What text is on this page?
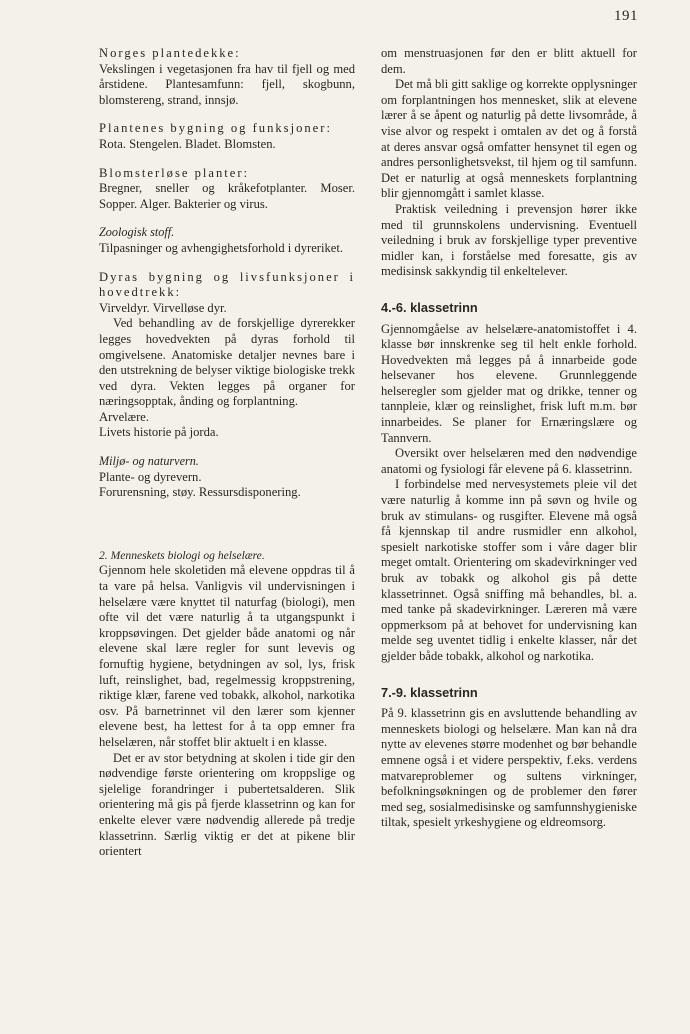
191

Norges plantedekke:

Vekslingen i vegetasjonen fra hav til fjell og med årstidene. Plantesamfunn: fjell, skogbunn, blomstereng, strand, innsjø.

Plantenes bygning og funksjoner:

Rota. Stengelen. Bladet. Blomsten.

Blomsterløse planter:

Bregner, sneller og kråkefotplanter. Moser. Sopper. Alger. Bakterier og virus.

Zoologisk stoff.

Tilpasninger og avhengighetsforhold i dyreriket.

Dyras bygning og livsfunksjoner i hovedtrekk:

Virveldyr. Virvelløse dyr.

Ved behandling av de forskjellige dyrerekker legges hovedvekten på dyras forhold til omgivelsene. Anatomiske detaljer nevnes bare i den utstrekning de belyser viktige biologiske trekk ved dyra. Vekten legges på organer for næringsopptak, ånding og forplantning.

Arvelære.

Livets historie på jorda.

Miljø- og naturvern.

Plante- og dyrevern.

Forurensning, støy. Ressursdisponering.

2. Menneskets biologi og helselære.

Gjennom hele skoletiden må elevene oppdras til å ta vare på helsa. Vanligvis vil undervisningen i helselære være knyttet til naturfag (biologi), men ofte vil det være naturlig å ta utgangspunkt i kroppsøvingen. Det gjelder både anatomi og når elevene skal lære regler for sunt levevis og fornuftig hygiene, betydningen av sol, lys, frisk luft, reinslighet, bad, regelmessig kroppstrening, riktige klær, farene ved tobakk, alkohol, narkotika osv. På barnetrinnet vil den lærer som kjenner elevene best, ha lettest for å ta opp emner fra helselæren, når stoffet blir aktuelt i en klasse.

Det er av stor betydning at skolen i tide gir den nødvendige første orientering om kroppslige og sjelelige forandringer i pubertetsalderen. Slik orientering må gis på fjerde klassetrinn og kan for enkelte elever være nødvendig allerede på tredje klassetrinn. Særlig viktig er det at pikene blir orientert

om menstruasjonen før den er blitt aktuell for dem.

Det må bli gitt saklige og korrekte opplysninger om forplantningen hos mennesket, slik at elevene lærer å se åpent og naturlig på dette livsområde, å vise alvor og respekt i omtalen av det og å forstå at deres ansvar også omfatter hensynet til egen og andres personlighetsvekst, til hjem og til samfunn. Det er naturlig at også menneskets forplantning blir gjennomgått i samlet klasse.

Praktisk veiledning i prevensjon hører ikke med til grunnskolens undervisning. Eventuell veiledning i bruk av forskjellige typer preventive midler kan, i forståelse med foresatte, gis av medisinsk sakkyndig til enkeltelever.

4.-6. klassetrinn

Gjennomgåelse av helselære-anatomistoffet i 4. klasse bør innskrenke seg til helt enkle forhold. Hovedvekten må legges på å innarbeide gode helsevaner hos elevene. Grunnleggende helseregler som gjelder mat og drikke, tenner og tannpleie, klær og reinslighet, frisk luft m.m. bør innarbeides. Se planer for Ernæringslære og Tannvern.

Oversikt over helselæren med den nødvendige anatomi og fysiologi får elevene på 6. klassetrinn.

I forbindelse med nervesystemets pleie vil det være naturlig å komme inn på søvn og hvile og bruk av stimulans- og rusgifter. Elevene må også få kjennskap til andre rusmidler enn alkohol, spesielt narkotiske stoffer som i våre dager blir meget omtalt. Orientering om skadevirkninger ved bruk av tobakk og alkohol gis på dette klassetrinnet. Også sniffing må behandles, bl. a. med tanke på skadevirkninger. Læreren må være oppmerksom på at behovet for undervisning kan melde seg uventet tidlig i enkelte klasser, når det gjelder både tobakk, alkohol og narkotika.

7.-9. klassetrinn

På 9. klassetrinn gis en avsluttende behandling av menneskets biologi og helselære. Man kan nå dra nytte av elevenes større modenhet og bør behandle emnene også i et videre perspektiv, f.eks. verdens matvareproblemer og sultens virkninger, befolkningsøkningen og de problemer den fører med seg, sosialmedisinske og samfunnshygieniske tiltak, spesielt yrkeshygiene og eldreomsorg.
